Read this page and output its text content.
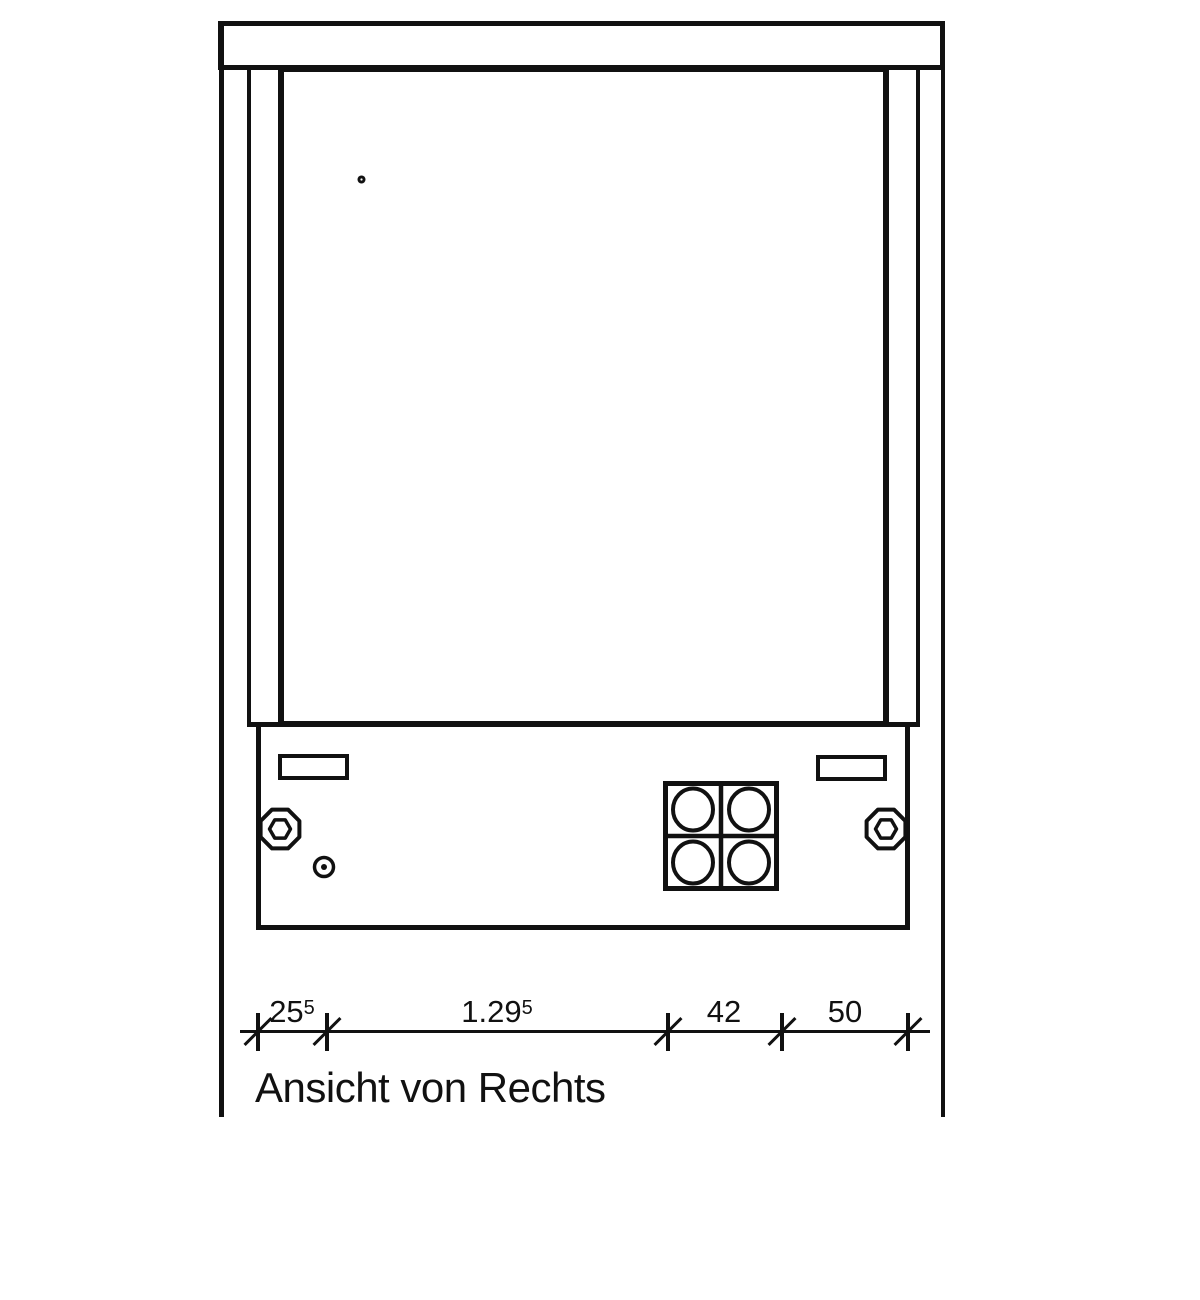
$25^5$	1.29$^5$	42	50
Ansicht von Rechts
